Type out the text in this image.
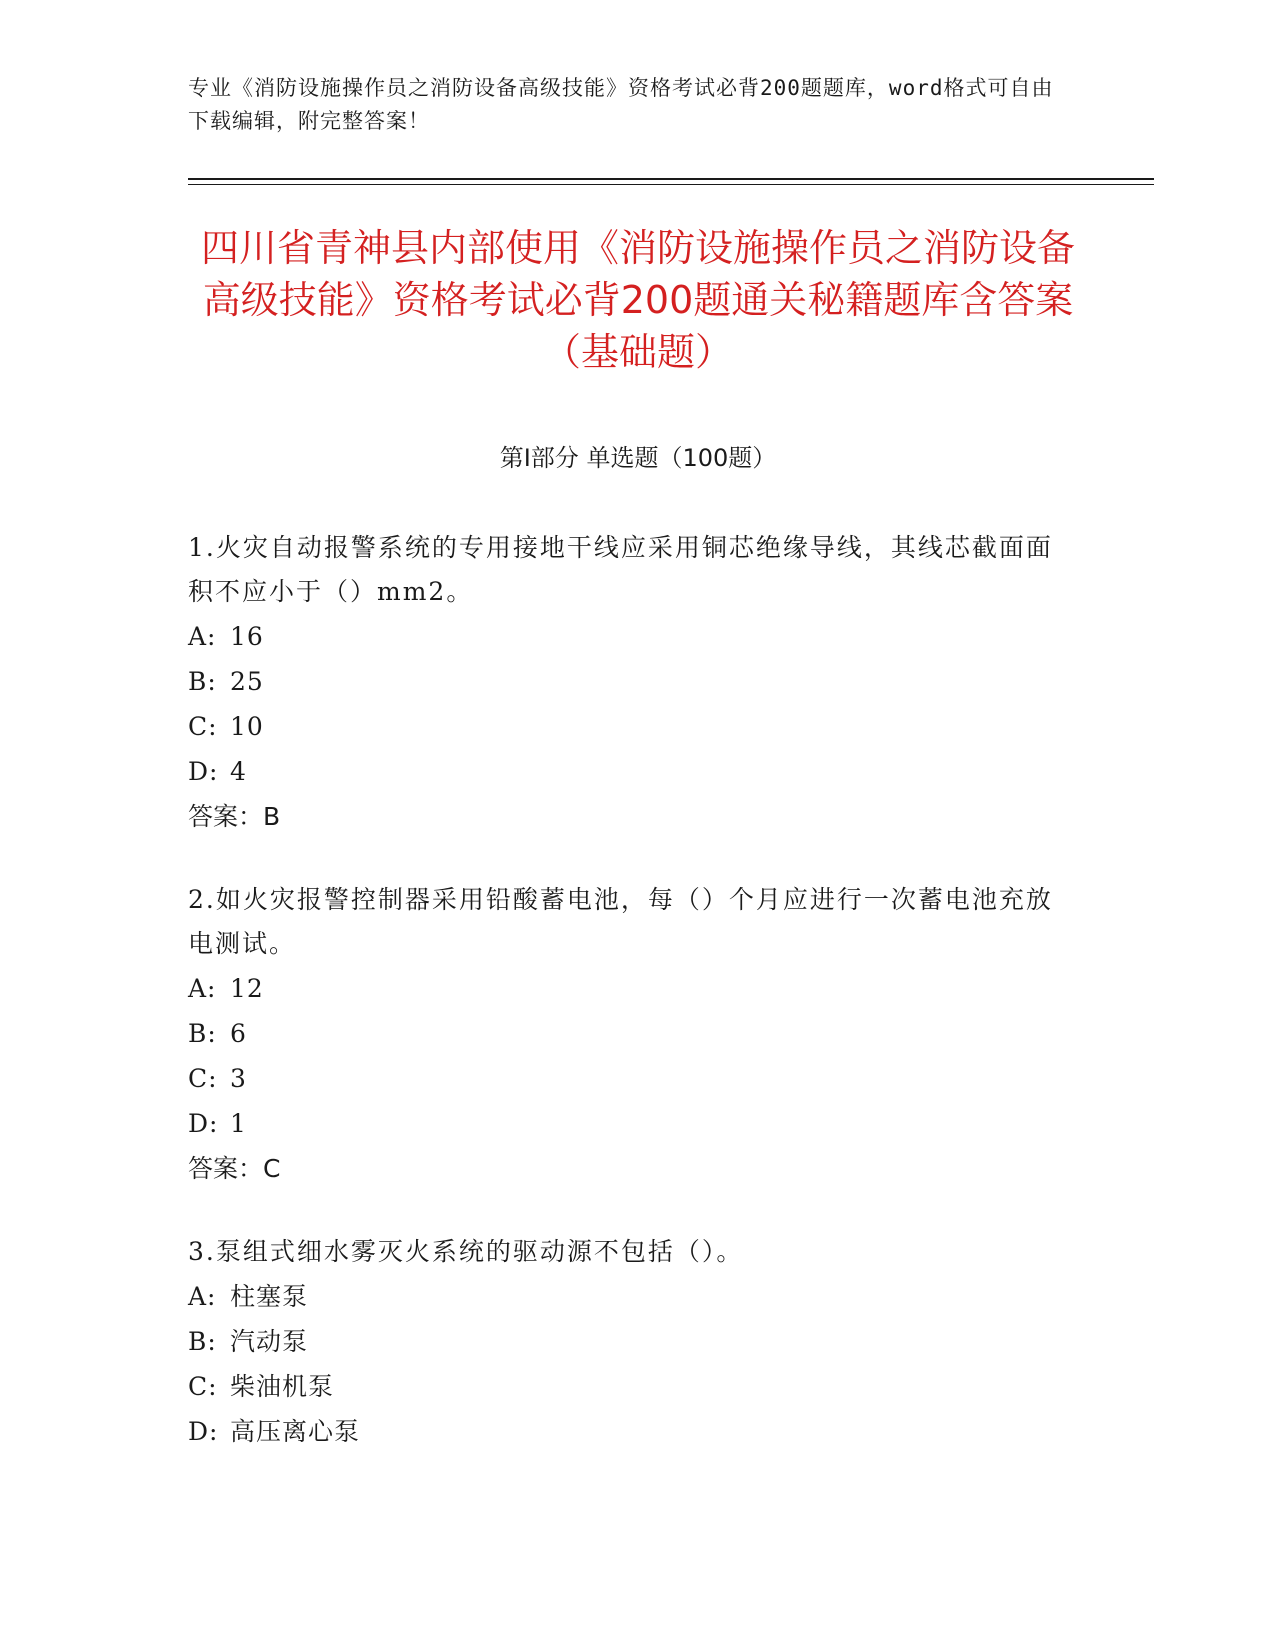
专业《消防设施操作员之消防设备高级技能》资格考试必背200题题库，word格式可自由下载编辑，附完整答案！
四川省青神县内部使用《消防设施操作员之消防设备高级技能》资格考试必背200题通关秘籍题库含答案（基础题）
第Ⅰ部分 单选题（100题）
1.火灾自动报警系统的专用接地干线应采用铜芯绝缘导线，其线芯截面面积不应小于（）mm2。
A: 16
B: 25
C: 10
D: 4
答案：B
2.如火灾报警控制器采用铅酸蓄电池，每（）个月应进行一次蓄电池充放电测试。
A: 12
B: 6
C: 3
D: 1
答案：C
3.泵组式细水雾灭火系统的驱动源不包括（）。
A: 柱塞泵
B: 汽动泵
C: 柴油机泵
D: 高压离心泵
